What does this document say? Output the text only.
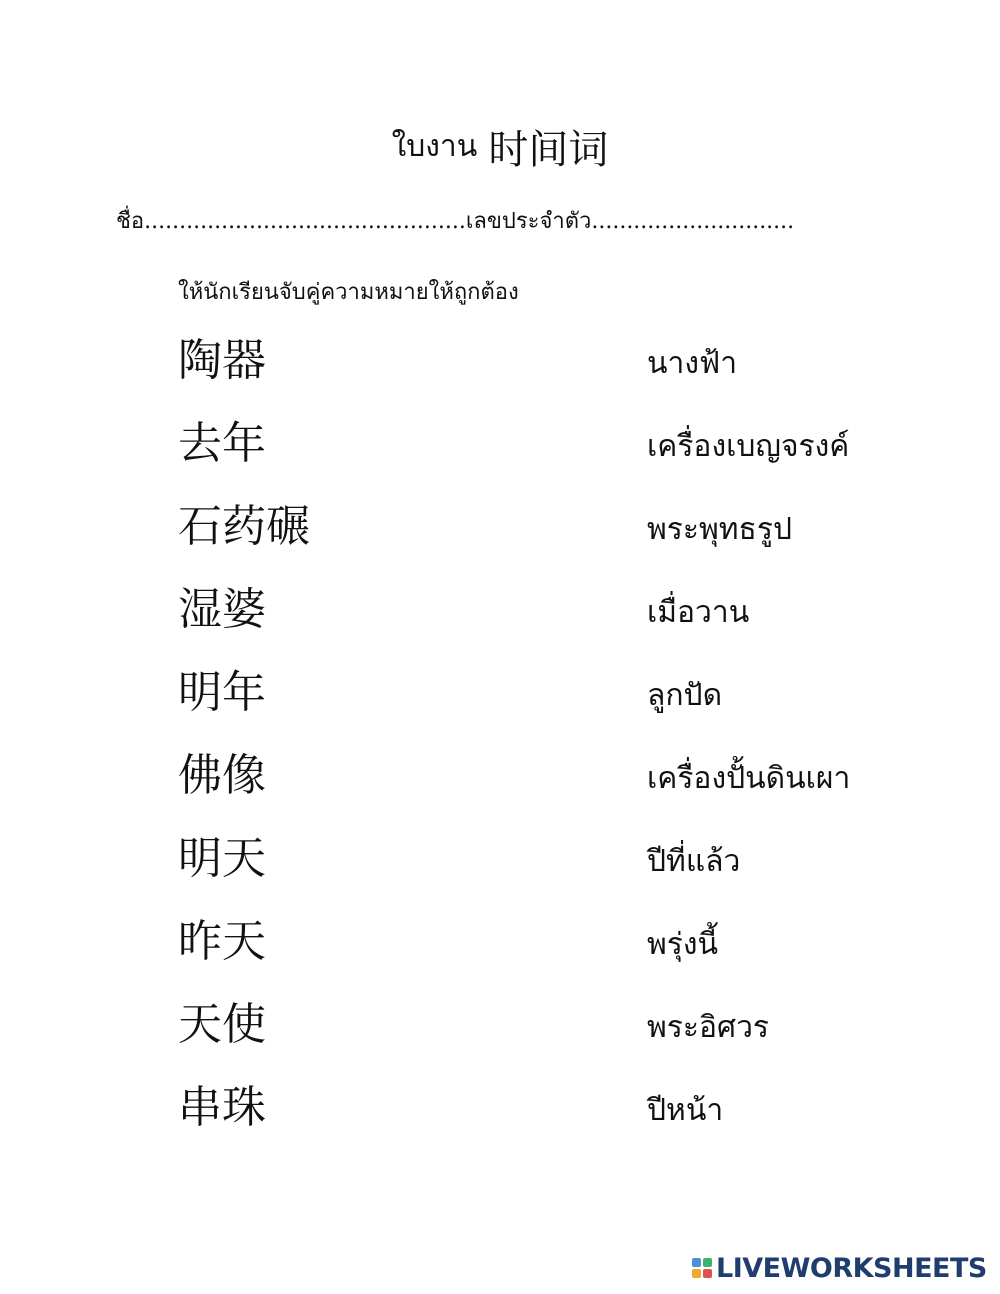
ใบงาน 时间词
ชื่อ..............................................เลขประจำตัว.............................
ให้นักเรียนจับคู่ความหมายให้ถูกต้อง
陶器	นางฟ้า
去年	เครื่องเบญจรงค์
石药碾	พระพุทธรูป
湿婆	เมื่อวาน
明年	ลูกปัด
佛像	เครื่องปั้นดินเผา
明天	ปีที่แล้ว
昨天	พรุ่งนี้
天使	พระอิศวร
串珠	ปีหน้า
LIVEWORKSHEETS
